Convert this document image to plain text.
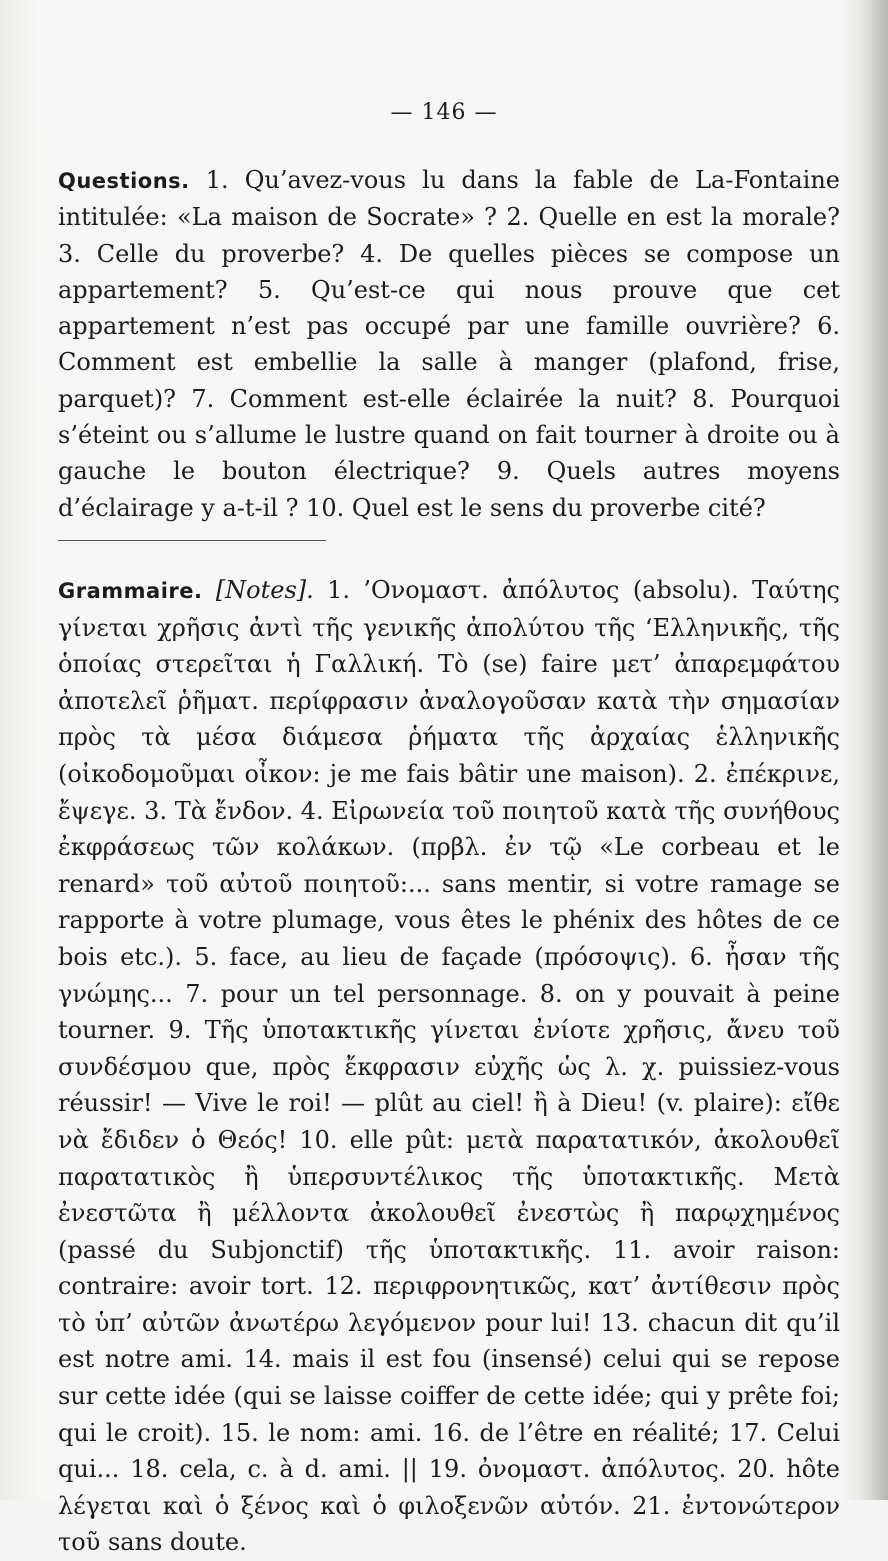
— 146 —

Questions. 1. Qu’avez-vous lu dans la fable de La-Fontaine intitulée: «La maison de Socrate» ? 2. Quelle en est la morale? 3. Celle du proverbe? 4. De quelles pièces se compose un appartement? 5. Qu’est-ce qui nous prouve que cet appartement n’est pas occupé par une famille ouvrière? 6. Comment est embellie la salle à manger (plafond, frise, parquet)? 7. Comment est-elle éclairée la nuit? 8. Pourquoi s’éteint ou s’allume le lustre quand on fait tourner à droite ou à gauche le bouton électrique? 9. Quels autres moyens d’éclairage y a-t-il ? 10. Quel est le sens du proverbe cité?

Grammaire. [Notes]. 1. ’Ονομαστ. ἀπόλυτος (absolu). Ταύτης γίνεται χρῆσις ἀντὶ τῆς γενικῆς ἀπολύτου τῆς ‘Ελληνικῆς, τῆς ὁποίας στερεῖται ἡ Γαλλική. Τὸ (se) faire μετ’ ἀπαρεμφάτου ἀποτελεῖ ῥῆματ. περίφρασιν ἀναλογοῦσαν κατὰ τὴν σημασίαν πρὸς τὰ μέσα διάμεσα ῥήματα τῆς ἀρχαίας ἑλληνικῆς (οἰκοδομοῦμαι οἶκον: je me fais bâtir une maison). 2. ἐπέκρινε, ἔψεγε. 3. Τὰ ἔνδον. 4. Εἰρωνεία τοῦ ποιητοῦ κατὰ τῆς συνήθους ἐκφράσεως τῶν κολάκων. (πρβλ. ἐν τῷ «Le corbeau et le renard» τοῦ αὐτοῦ ποιητοῦ:... sans mentir, si votre ramage se rapporte à votre plumage, vous êtes le phénix des hôtes de ce bois etc.). 5. face, au lieu de façade (πρόσοψις). 6. ἦσαν τῆς γνώμης... 7. pour un tel personnage. 8. on y pouvait à peine tourner. 9. Τῆς ὑποτακτικῆς γίνεται ἐνίοτε χρῆσις, ἄνευ τοῦ συνδέσμου que, πρὸς ἔκφρασιν εὐχῆς ὡς λ. χ. puissiez-vous réussir! — Vive le roi! — plût au ciel! ἢ à Dieu! (v. plaire): εἴθε νὰ ἔδιδεν ὁ Θεός! 10. elle pût: μετὰ παρατατικόν, ἀκολουθεῖ παρατατικὸς ἢ ὑπερσυντέλικος τῆς ὑποτακτικῆς. Μετὰ ἐνεστῶτα ἢ μέλλοντα ἀκολουθεῖ ἐνεστὼς ἢ παρῳχημένος (passé du Subjonctif) τῆς ὑποτακτικῆς. 11. avoir raison: contraire: avoir tort. 12. περιφρονητικῶς, κατ’ ἀντίθεσιν πρὸς τὸ ὑπ’ αὐτῶν ἀνωτέρω λεγόμενον pour lui! 13. chacun dit qu’il est notre ami. 14. mais il est fou (insensé) celui qui se repose sur cette idée (qui se laisse coiffer de cette idée; qui y prête foi; qui le croit). 15. le nom: ami. 16. de l’être en réalité; 17. Celui qui... 18. cela, c. à d. ami. || 19. ὀνομαστ. ἀπόλυτος. 20. hôte λέγεται καὶ ὁ ξένος καὶ ὁ φιλοξενῶν αὐτόν. 21. ἐντονώτερον τοῦ sans doute.
